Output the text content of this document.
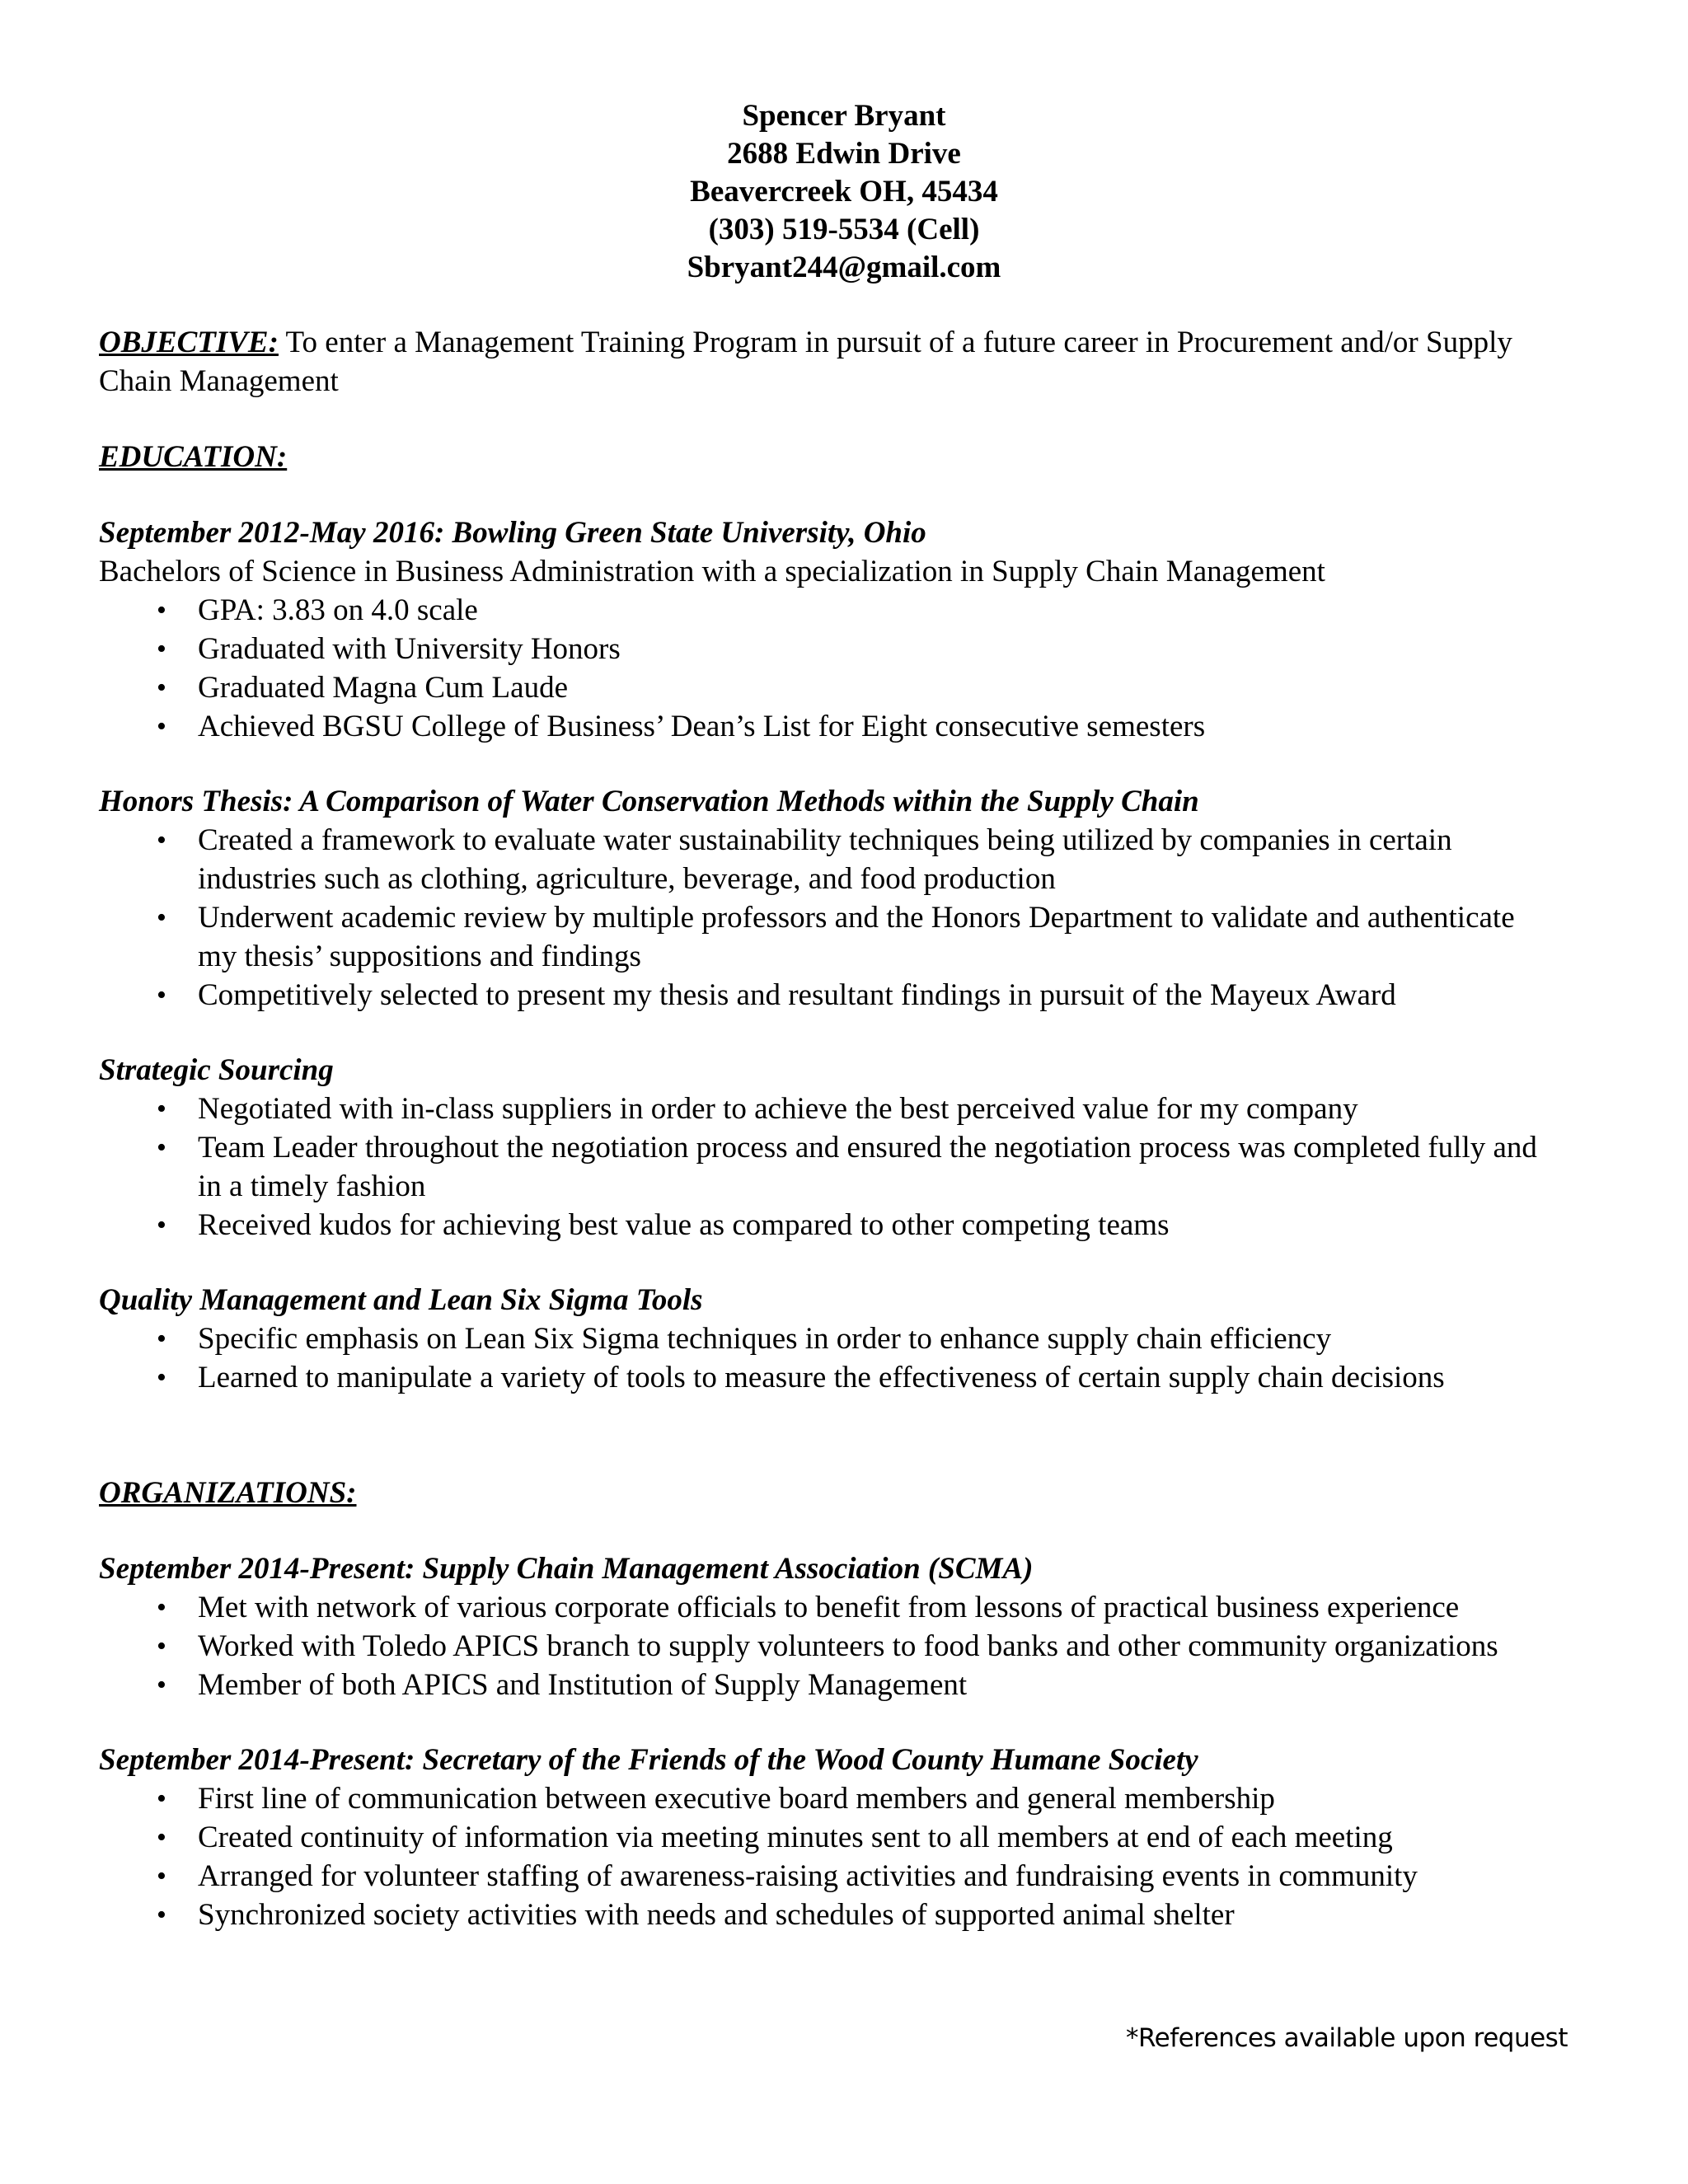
Spencer Bryant
2688 Edwin Drive
Beavercreek OH, 45434
(303) 519-5534 (Cell)
Sbryant244@gmail.com
OBJECTIVE: To enter a Management Training Program in pursuit of a future career in Procurement and/or Supply Chain Management
EDUCATION:
September 2012-May 2016: Bowling Green State University, Ohio
Bachelors of Science in Business Administration with a specialization in Supply Chain Management
• GPA: 3.83 on 4.0 scale
• Graduated with University Honors
• Graduated Magna Cum Laude
• Achieved BGSU College of Business’ Dean’s List for Eight consecutive semesters
Honors Thesis: A Comparison of Water Conservation Methods within the Supply Chain
• Created a framework to evaluate water sustainability techniques being utilized by companies in certain industries such as clothing, agriculture, beverage, and food production
• Underwent academic review by multiple professors and the Honors Department to validate and authenticate my thesis’ suppositions and findings
• Competitively selected to present my thesis and resultant findings in pursuit of the Mayeux Award
Strategic Sourcing
• Negotiated with in-class suppliers in order to achieve the best perceived value for my company
• Team Leader throughout the negotiation process and ensured the negotiation process was completed fully and in a timely fashion
• Received kudos for achieving best value as compared to other competing teams
Quality Management and Lean Six Sigma Tools
• Specific emphasis on Lean Six Sigma techniques in order to enhance supply chain efficiency
• Learned to manipulate a variety of tools to measure the effectiveness of certain supply chain decisions
ORGANIZATIONS:
September 2014-Present: Supply Chain Management Association (SCMA)
• Met with network of various corporate officials to benefit from lessons of practical business experience
• Worked with Toledo APICS branch to supply volunteers to food banks and other community organizations
• Member of both APICS and Institution of Supply Management
September 2014-Present: Secretary of the Friends of the Wood County Humane Society
• First line of communication between executive board members and general membership
• Created continuity of information via meeting minutes sent to all members at end of each meeting
• Arranged for volunteer staffing of awareness-raising activities and fundraising events in community
• Synchronized society activities with needs and schedules of supported animal shelter
*References available upon request
